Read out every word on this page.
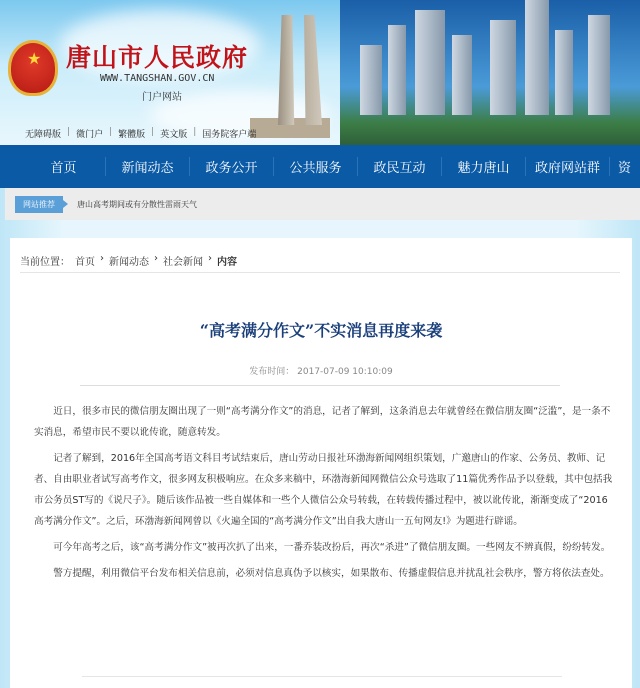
★ 唐山市人民政府
WWW.TANGSHAN.GOV.CN
门户网站
无障碍版 | 微门户 | 繁體版 | 英文版 | 国务院客户端
首页	新闻动态	政务公开	公共服务	政民互动	魅力唐山	政府网站群	资
网站推荐	唐山高考期间或有分散性雷雨天气
当前位置： 首页 › 新闻动态 › 社会新闻 › 内容
“高考满分作文”不实消息再度来袭
发布时间： 2017-07-09 10:10:09

近日，很多市民的微信朋友圈出现了一则“高考满分作文”的消息，记者了解到，这条消息去年就曾经在微信朋友圈“泛滥”，是一条不实消息，希望市民不要以讹传讹，随意转发。

记者了解到，2016年全国高考语文科目考试结束后，唐山劳动日报社环渤海新闻网组织策划，广邀唐山的作家、公务员、教师、记者、自由职业者试写高考作文，很多网友积极响应。在众多来稿中，环渤海新闻网微信公众号选取了11篇优秀作品予以登载，其中包括我市公务员ST写的《说尺子》。随后该作品被一些自媒体和一些个人微信公众号转载，在转载传播过程中，被以讹传讹，渐渐变成了“2016高考满分作文”。之后，环渤海新闻网曾以《火遍全国的“高考满分作文”出自我大唐山一五旬网友!》为题进行辟谣。

可今年高考之后，该“高考满分作文”被再次扒了出来，一番乔装改扮后，再次“杀进”了微信朋友圈。一些网友不辨真假，纷纷转发。

警方提醒，利用微信平台发布相关信息前，必须对信息真伪予以核实，如果散布、传播虚假信息并扰乱社会秩序，警方将依法查处。
